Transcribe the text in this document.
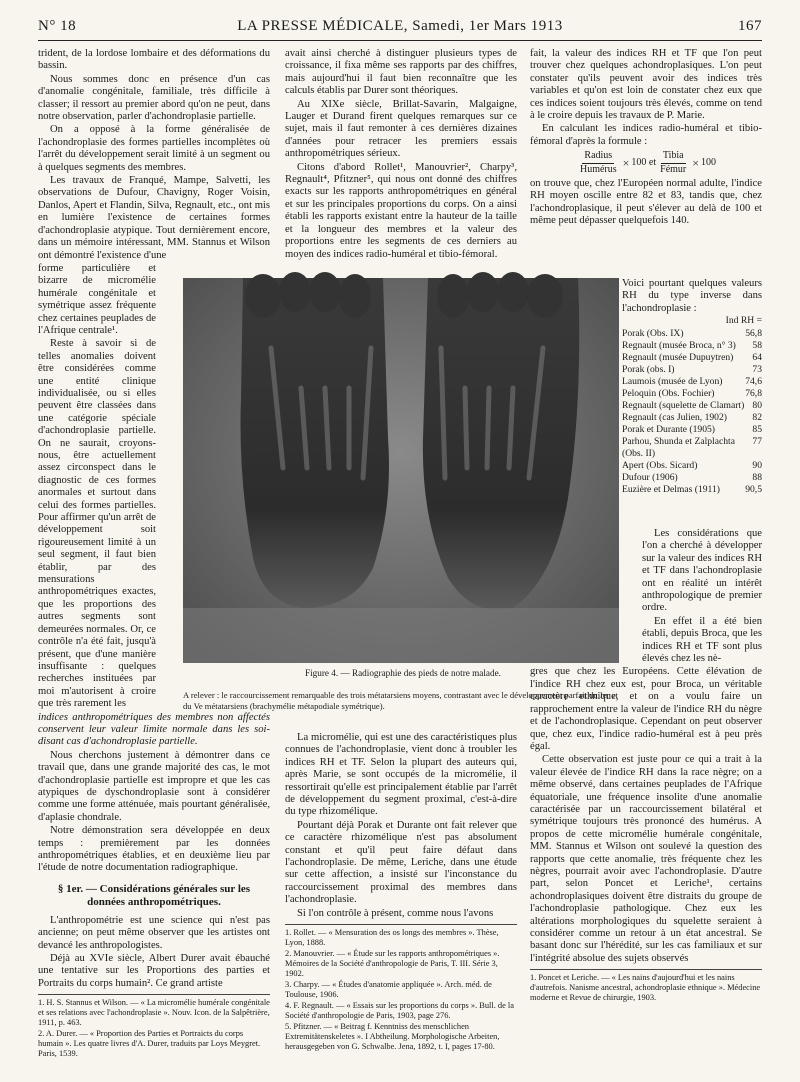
N° 18	LA PRESSE MÉDICALE, Samedi, 1er Mars 1913	167

trident, de la lordose lombaire et des déformations du bassin.

Nous sommes donc en présence d'un cas d'anomalie congénitale, familiale, très difficile à classer; il ressort au premier abord qu'on ne peut, dans notre observation, parler d'achondroplasie partielle.

On a opposé à la forme généralisée de l'achondroplasie des formes partielles incomplètes où l'arrêt du développement serait limité à un segment ou à quelques segments des membres.

Les travaux de Franqué, Mampe, Salvetti, les observations de Dufour, Chavigny, Roger Voisin, Danlos, Apert et Flandin, Silva, Regnault, etc., ont mis en lumière l'existence de certaines formes d'achondroplasie atypique. Tout dernièrement encore, dans un mémoire intéressant, MM. Stannus et Wilson ont démontré l'existence d'une

forme particulière et bizarre de micromélie humérale congénitale et symétrique assez fréquente chez certaines peuplades de l'Afrique centrale¹.

Reste à savoir si de telles anomalies doivent être considérées comme une entité clinique individualisée, ou si elles peuvent être classées dans une catégorie spéciale d'achondroplasie partielle. On ne saurait, croyons-nous, être actuellement assez circonspect dans le diagnostic de ces formes anormales et surtout dans celui des formes partielles. Pour affirmer qu'un arrêt de développement soit rigoureusement limité à un seul segment, il faut bien établir, par des mensurations anthropométriques exactes, que les proportions des autres segments sont demeurées normales. Or, ce contrôle n'a été fait, jusqu'à présent, que d'une manière insuffisante : quelques recherches instituées par moi m'autorisent à croire que très rarement les

indices anthropométriques des membres non affectés conservent leur valeur limite normale dans les soi-disant cas d'achondroplasie partielle.

Nous cherchons justement à démontrer dans ce travail que, dans une grande majorité des cas, le mot d'achondroplasie partielle est impropre et que les cas atypiques de dyschondroplasie sont à considérer comme une forme atténuée, mais pourtant généralisée, d'aplasie chondrale.

Notre démonstration sera développée en deux temps : premièrement par les données anthropométriques établies, et en deuxième lieu par l'étude de notre documentation radiographique.

§ 1er. — Considérations générales sur les données anthropométriques.

L'anthropométrie est une science qui n'est pas ancienne; on peut même observer que les artistes ont devancé les anthropologistes.

Déjà au XVIe siècle, Albert Durer avait ébauché une tentative sur les Proportions des parties et Portraits du corps humain². Ce grand artiste

1. H. S. Stannus et Wilson. — « La micromélie humérale congénitale et ses relations avec l'achondroplasie ». Nouv. Icon. de la Salpêtrière, 1911, p. 463.
2. A. Durer. — « Proportion des Parties et Portraicts du corps humain ». Les quatre livres d'A. Durer, traduits par Loys Meygret. Paris, 1539.

avait ainsi cherché à distinguer plusieurs types de croissance, il fixa même ses rapports par des chiffres, mais aujourd'hui il faut bien reconnaître que les calculs établis par Durer sont théoriques.

Au XIXe siècle, Brillat-Savarin, Malgaigne, Lauger et Durand firent quelques remarques sur ce sujet, mais il faut remonter à ces dernières dizaines d'années pour retracer les premiers essais anthropométriques sérieux.

Citons d'abord Rollet¹, Manouvrier², Charpy³, Regnault⁴, Pfitzner⁵, qui nous ont donné des chiffres exacts sur les rapports anthropométriques en général et sur les principales proportions du corps. On a ainsi établi les rapports existant entre la hauteur de la taille et la longueur des membres et la valeur des proportions entre les segments de ces derniers au moyen des indices radio-huméral et tibio-fémoral.

fait, la valeur des indices RH et TF que l'on peut trouver chez quelques achondroplasiques. L'on peut constater qu'ils peuvent avoir des indices très variables et qu'on est loin de constater chez eux que ces indices soient toujours très élevés, comme on tend à le croire depuis les travaux de P. Marie.

En calculant les indices radio-huméral et tibio-fémoral d'après la formule :

$\frac{\text{Radius}}{\text{Humérus}} \times 100$ et $\frac{\text{Tibia}}{\text{Fémur}} \times 100$

on trouve que, chez l'Européen normal adulte, l'indice RH moyen oscille entre 82 et 83, tandis que, chez l'achondroplasique, il peut s'élever au delà de 100 et même peut dépasser quelquefois 140.

Figure 4. — Radiographie des pieds de notre malade.
A relever : le raccourcissement remarquable des trois métatarsiens moyens, contrastant avec le développement parfait du Ier et du Ve métatarsiens (brachymélie métapodiale symétrique).
Voici pourtant quelques valeurs RH du type inverse dans l'achondroplasie :
Ind RH =
Porak (Obs. IX)	56,8
Regnault (musée Broca, n° 3) 58
Regnault (musée Dupuytren) 64
Porak (obs. I)	73
Laumois (musée de Lyon) 74,6
Peloquin (Obs. Fochier)	76,8
Regnault (squelette de Clamart) 80
Regnault (cas Julien, 1902)	82
Porak et Durante (1905)	85
Parhou, Shunda et Zalplachta (Obs. II)
77
Apert (Obs. Sicard)	90
Dufour (1906)	88
Euzière et Delmas (1911)	90,5

La micromélie, qui est une des caractéristiques plus connues de l'achondroplasie, vient donc à troubler les indices RH et TF. Selon la plupart des auteurs qui, après Marie, se sont occupés de la micromélie, il ressortirait qu'elle est principalement établie par l'arrêt de développement du segment proximal, c'est-à-dire du type rhizomélique.

Pourtant déjà Porak et Durante ont fait relever que ce caractère rhizomélique n'est pas absolument constant et qu'il peut faire défaut dans l'achondroplasie. De même, Leriche, dans une étude sur cette affection, a insisté sur l'inconstance du raccourcissement proximal des membres dans l'achondroplasie.

Si l'on contrôle à présent, comme nous l'avons

1. Rollet. — « Mensuration des os longs des membres ». Thèse, Lyon, 1888.
2. Manouvrier. — « Étude sur les rapports anthropométriques ». Mémoires de la Société d'anthropologie de Paris, T. III. Série 3, 1902.
3. Charpy. — « Études d'anatomie appliquée ». Arch. méd. de Toulouse, 1906.
4. F. Regnault. — « Essais sur les proportions du corps ». Bull. de la Société d'anthropologie de Paris, 1903, page 276.
5. Pfitzner. — « Beitrag f. Kenntniss des menschlichen Extremitätenskeletes ». I Abtheilung. Morphologische Arbeiten, herausgegeben von G. Schwalbe. Jena, 1892, t. I, pages 17-80.

Les considérations que l'on a cherché à développer sur la valeur des indices RH et TF dans l'achondroplasie ont en réalité un intérêt anthropologique de premier ordre.

En effet il a été bien établi, depuis Broca, que les indices RH et TF sont plus élevés chez les nè-

gres que chez les Européens. Cette élévation de l'indice RH chez eux est, pour Broca, un véritable caractère ethnique, et on a voulu faire un rapprochement entre la valeur de l'indice RH du nègre et de l'achondroplasique. Cependant on peut observer que, chez eux, l'indice radio-huméral est à peu près égal.

Cette observation est juste pour ce qui a trait à la valeur élevée de l'indice RH dans la race nègre; on a même observé, dans certaines peuplades de l'Afrique équatoriale, une fréquence insolite d'une anomalie caractérisée par un raccourcissement bilatéral et symétrique toujours très prononcé des humérus. A propos de cette micromélie humérale congénitale, MM. Stannus et Wilson ont soulevé la question des rapports que cette anomalie, très fréquente chez les nègres, pourrait avoir avec l'achondroplasie. D'autre part, selon Poncet et Leriche¹, certains achondroplasiques doivent être distraits du groupe de l'achondroplasie pathologique. Chez eux les altérations morphologiques du squelette seraient à considérer comme un retour à un état ancestral. Se basant donc sur l'hérédité, sur les cas familiaux et sur l'intégrité absolue des sujets observés

1. Poncet et Leriche. — « Les nains d'aujourd'hui et les nains d'autrefois. Nanisme ancestral, achondroplasie ethnique ». Médecine moderne et Revue de chirurgie, 1903.
